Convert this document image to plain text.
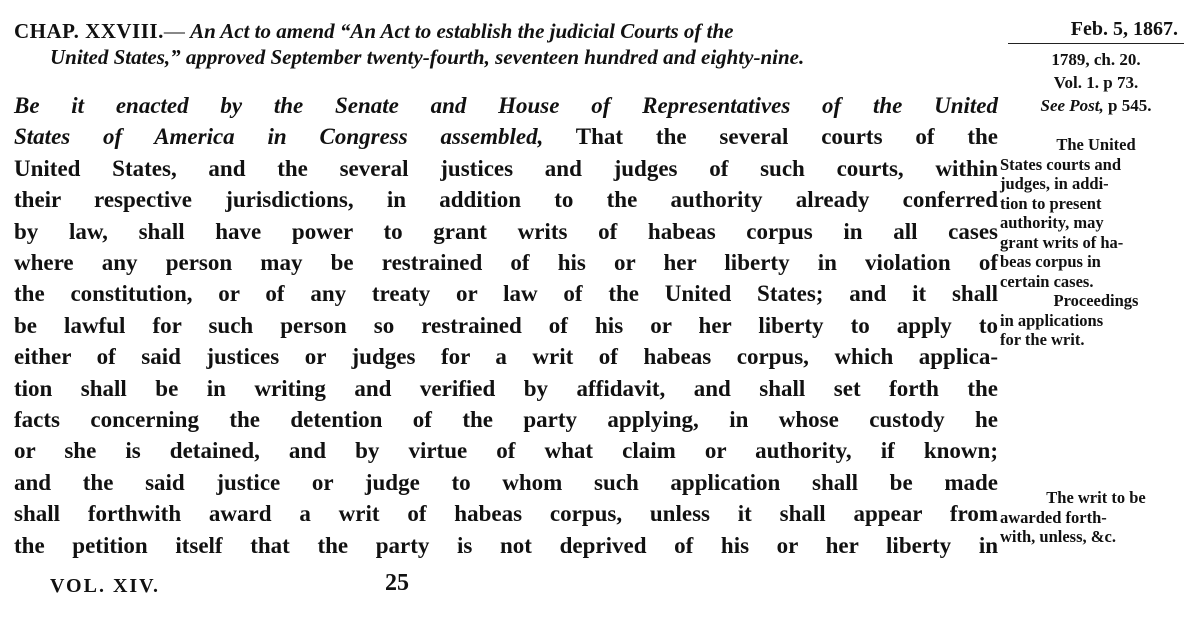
CHAP. XXVIII.— An Act to amend “An Act to establish the judicial Courts of the
United States,” approved September twenty-fourth, seventeen hundred and eighty-nine.
Be it enacted by the Senate and House of Representatives of the United
States of America in Congress assembled, That the several courts of the
United States, and the several justices and judges of such courts, within
their respective jurisdictions, in addition to the authority already conferred
by law, shall have power to grant writs of habeas corpus in all cases
where any person may be restrained of his or her liberty in violation of
the constitution, or of any treaty or law of the United States; and it shall
be lawful for such person so restrained of his or her liberty to apply to
either of said justices or judges for a writ of habeas corpus, which applica-
tion shall be in writing and verified by affidavit, and shall set forth the
facts concerning the detention of the party applying, in whose custody he
or she is detained, and by virtue of what claim or authority, if known;
and the said justice or judge to whom such application shall be made
shall forthwith award a writ of habeas corpus, unless it shall appear from
the petition itself that the party is not deprived of his or her liberty in
VOL. XIV.	25
Feb. 5, 1867.
1789, ch. 20.
Vol. 1. p 73.
See Post, p 545.
The United
States courts and
judges, in addi-
tion to present
authority, may
grant writs of ha-
beas corpus in
certain cases.
Proceedings
in applications
for the writ.
The writ to be
awarded forth-
with, unless, &c.
